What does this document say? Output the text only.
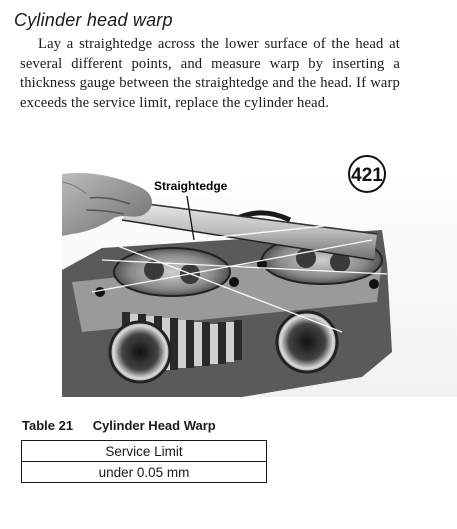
Cylinder head warp

Lay a straightedge across the lower surface of the head at several different points, and measure warp by inserting a thickness gauge between the straightedge and the head. If warp exceeds the service limit, replace the cylinder head.

Straightedge	421
Table 21 Cylinder Head Warp
Service Limit
under 0.05 mm
